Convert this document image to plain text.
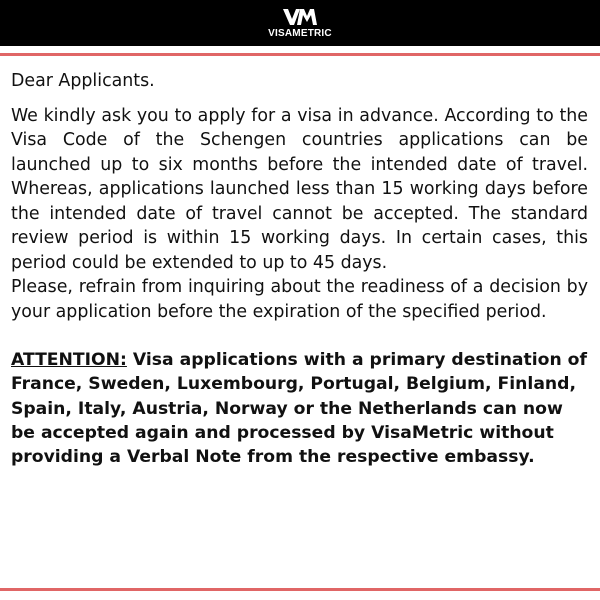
VISAMETRIC

Dear Applicants.

We kindly ask you to apply for a visa in advance. According to the Visa Code of the Schengen countries applications can be launched up to six months before the intended date of travel. Whereas, applications launched less than 15 working days before the intended date of travel cannot be accepted. The standard review period is within 15 working days. In certain cases, this period could be extended to up to 45 days.

Please, refrain from inquiring about the readiness of a decision by your application before the expiration of the specified period.

ATTENTION: Visa applications with a primary destination of France, Sweden, Luxembourg, Portugal, Belgium, Finland, Spain, Italy, Austria, Norway or the Netherlands can now be accepted again and processed by VisaMetric without providing a Verbal Note from the respective embassy.
